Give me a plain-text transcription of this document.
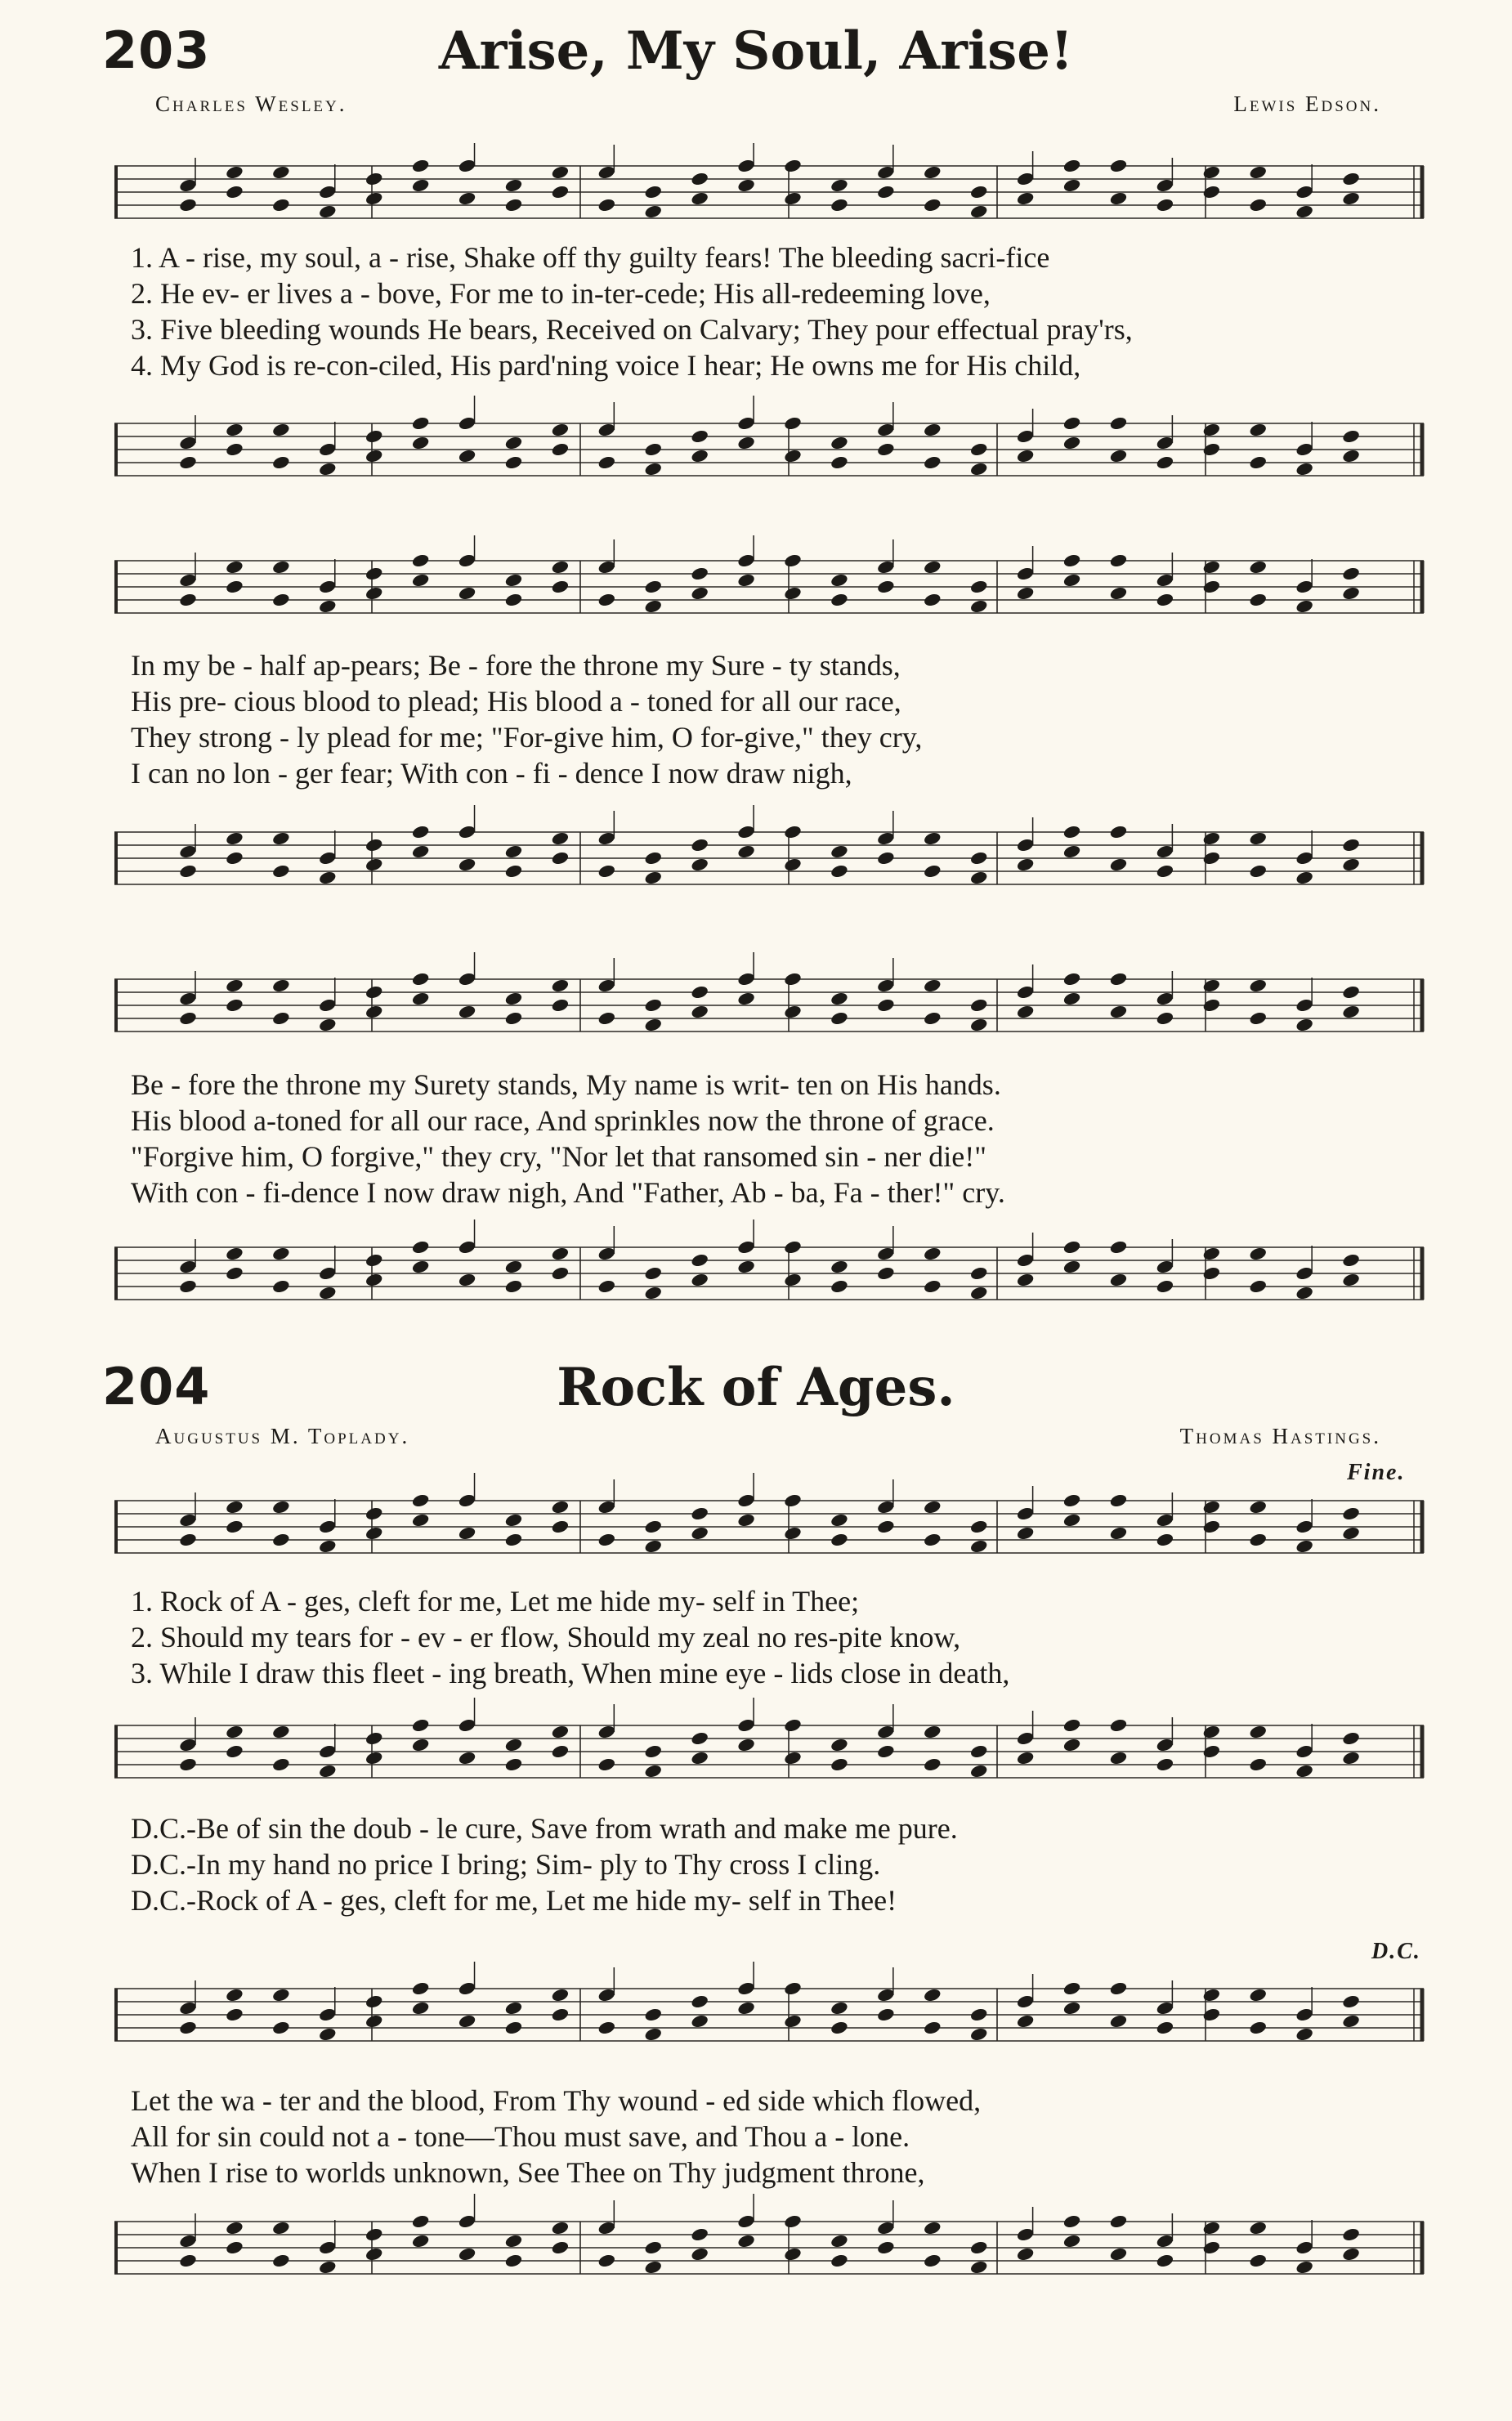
203	Arise, My Soul, Arise!
Charles Wesley.	Lewis Edson.
1. A - rise, my soul, a - rise, Shake off thy guilty fears! The bleeding sacri-fice
2. He ev- er lives a - bove, For me to in-ter-cede; His all-redeeming love,
3. Five bleeding wounds He bears, Received on Calvary; They pour effectual pray'rs,
4. My God is re-con-ciled, His pard'ning voice I hear; He owns me for His child,
In my be - half ap-pears; Be - fore the throne my Sure - ty stands,
His pre- cious blood to plead; His blood a - toned for all our race,
They strong - ly plead for me; "For-give him, O for-give," they cry,
I can no lon - ger fear; With con - fi - dence I now draw nigh,
Be - fore the throne my Surety stands, My name is writ- ten on His hands.
His blood a-toned for all our race, And sprinkles now the throne of grace.
"Forgive him, O forgive," they cry, "Nor let that ransomed sin - ner die!"
With con - fi-dence I now draw nigh, And "Father, Ab - ba, Fa - ther!" cry.
204	Rock of Ages.
Augustus M. Toplady.	Thomas Hastings.
Fine.
1. Rock of A - ges, cleft for me, Let me hide my- self in Thee;
2. Should my tears for - ev - er flow, Should my zeal no res-pite know,
3. While I draw this fleet - ing breath, When mine eye - lids close in death,
D.C.-Be of sin the doub - le cure, Save from wrath and make me pure.
D.C.-In my hand no price I bring; Sim- ply to Thy cross I cling.
D.C.-Rock of A - ges, cleft for me, Let me hide my- self in Thee!
D.C.
Let the wa - ter and the blood, From Thy wound - ed side which flowed,
All for sin could not a - tone—Thou must save, and Thou a - lone.
When I rise to worlds unknown, See Thee on Thy judgment throne,
